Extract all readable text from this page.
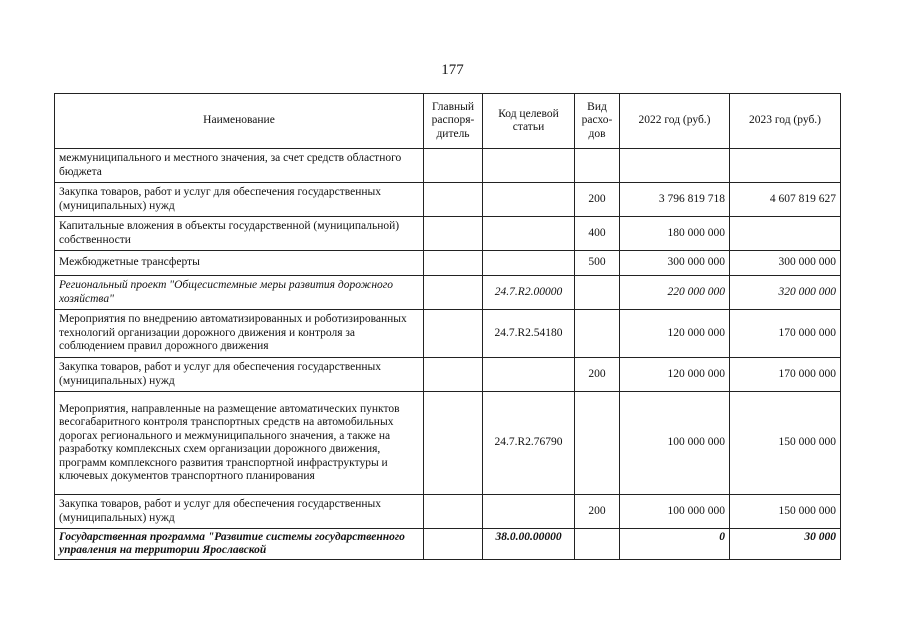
177
Наименование	Главный распоря- дитель	Код целевой статьи	Вид расхо- дов	2022 год (руб.)	2023 год (руб.)
межмуниципального и местного значения, за счет средств областного бюджета					
Закупка товаров, работ и услуг для обеспечения государственных (муниципальных) нужд			200	3 796 819 718	4 607 819 627
Капитальные вложения в объекты государственной (муниципальной) собственности			400	180 000 000	
Межбюджетные трансферты			500	300 000 000	300 000 000
Региональный проект "Общесистемные меры развития дорожного хозяйства"		24.7.R2.00000		220 000 000	320 000 000
Мероприятия по внедрению автоматизированных и роботизированных технологий организации дорожного движения и контроля за соблюдением правил дорожного движения		24.7.R2.54180		120 000 000	170 000 000
Закупка товаров, работ и услуг для обеспечения государственных (муниципальных) нужд			200	120 000 000	170 000 000
Мероприятия, направленные на размещение автоматических пунктов весогабаритного контроля транспортных средств на автомобильных дорогах регионального и межмуниципального значения, а также на разработку комплексных схем организации дорожного движения, программ комплексного развития транспортной инфраструктуры и ключевых документов транспортного планирования		24.7.R2.76790		100 000 000	150 000 000
Закупка товаров, работ и услуг для обеспечения государственных (муниципальных) нужд			200	100 000 000	150 000 000
Государственная программа "Развитие системы государственного управления на территории Ярославской		38.0.00.00000		0	30 000
